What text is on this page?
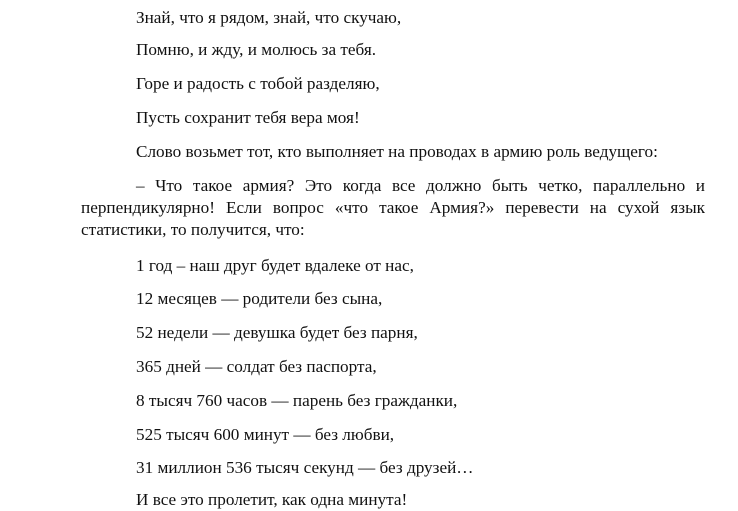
Знай, что я рядом, знай, что скучаю,
Помню, и жду, и молюсь за тебя.
Горе и радость с тобой разделяю,
Пусть сохранит тебя вера моя!
Слово возьмет тот, кто выполняет на проводах в армию роль ведущего:
– Что такое армия? Это когда все должно быть четко, параллельно и перпендикулярно! Если вопрос «что такое Армия?» перевести на сухой язык статистики, то получится, что:
1 год – наш друг будет вдалеке от нас,
12 месяцев — родители без сына,
52 недели — девушка будет без парня,
365 дней — солдат без паспорта,
8 тысяч 760 часов — парень без гражданки,
525 тысяч 600 минут — без любви,
31 миллион 536 тысяч секунд — без друзей…
И все это пролетит, как одна минута!
